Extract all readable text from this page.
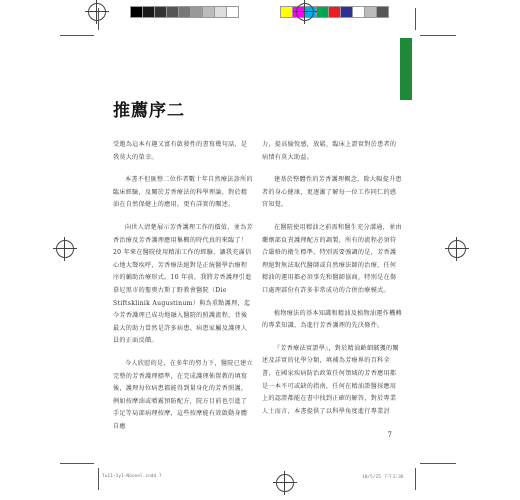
推薦序二

受邀為這本有趣又富有啟發性的書寫幾句話，是我莫大的榮幸。

本書不但匯整二位作者數十年自然療法診所的臨床經驗，及闡於芳香療法的科學理論，對於精油在自然保健上的應用，更有詳實的闡述。

向世人清楚展示芳香護理工作的價值，並為芳香治療及芳香護理應用集概的時代真的來臨了！20 年來在醫院使用精油工作的經驗，讓我充滿信心地大聲疾呼，芳香療法絕對是正統醫學治療程序的輔助治療形式。10 年前，我將芳香護理引進慕尼黑市的聖奧古斯丁野教會醫院（Die Stiftsklinik Augustinum）與為重點護理，迄今芳香護理已成功地融入醫院的照護流程，背後最大的助力當然是許多病患、病患家屬及護理人員的正面反饋。

今人欣慰的是，在多年的努力下，醫院已建立完整的芳香護理標準，在完成護理佈置教的填寫後，護理每位病患都能得到量身化的芳香照護，例如按摩油或噴霧預防配方，院方目前也引進了手足等局部病理按摩，這些按摩能有效啟動身體自癒

力，提高愉悅感，放鬆，臨床上證實對於患者的病情有莫大助益。

建基於整體性的芳香護理概念，除大幅提升患者的身心健康，更逐漸了解每一位工作同仁的感官知覺。

在醫院使用精油之前需和醫生充分溝通，並由藥劑部負責護理配方的調製，所有的流程必須符合嚴格的衛生標準，特別需要強調的是，芳香護理絕對無法取代醫師或自然療法師的治療，任何精油的運用都必須事先和醫師協商，特別是在傷口處理部份有許多非常成功的合併治療模式。

植物療法的基本知識和精油及植物油運作機轉的專業知識，為進行芳香護理的先決條件。

『芳香療法實證學』，對於精油齡細膩獲的闡述及詳實的化學分類，填補為芳療界的百科全書，在國家疾病防治政策任何領域的芳香應用都是一本不可或缺的指南，任何在精油證醫採應用上的認證都能在書中找到正確的解答，對於專業人士而言，本書提供了以科學角度進行專業討

7
Tu11-1y1-Nöseel.indd 7	10/5/25 下午1:36
